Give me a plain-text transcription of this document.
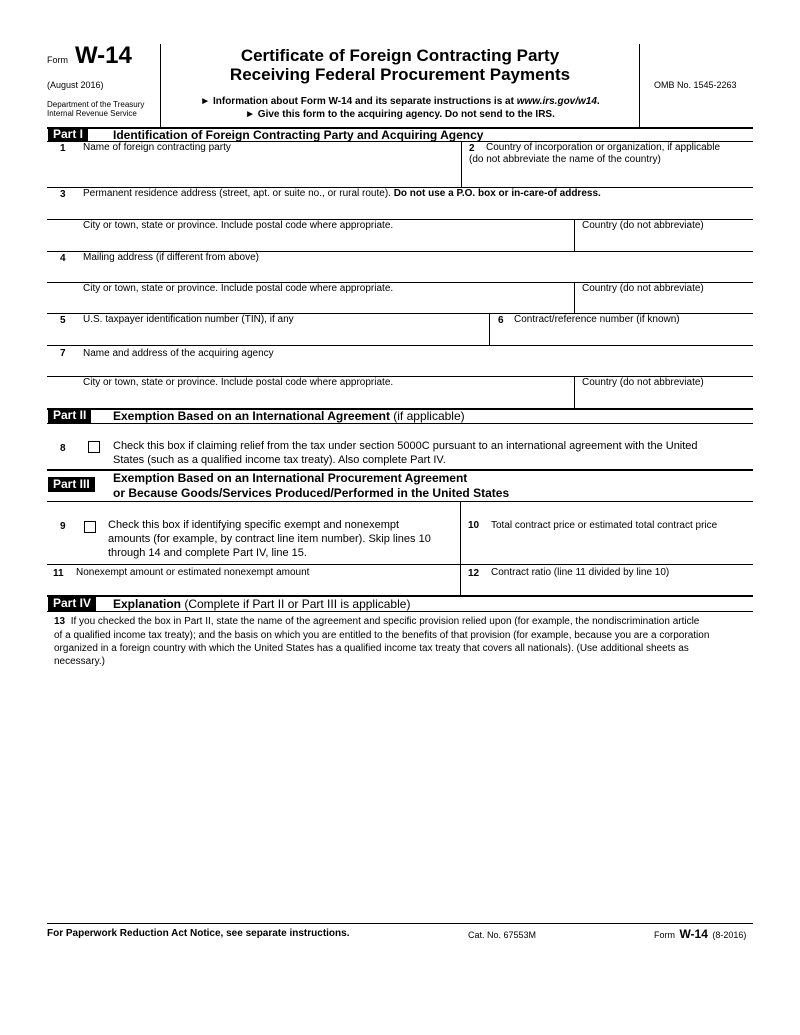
Form W-14
(August 2016)
Department of the Treasury
Internal Revenue Service
Certificate of Foreign Contracting Party
Receiving Federal Procurement Payments
► Information about Form W-14 and its separate instructions is at www.irs.gov/w14.
► Give this form to the acquiring agency. Do not send to the IRS.
OMB No. 1545-2263
Part I	Identification of Foreign Contracting Party and Acquiring Agency
1 Name of foreign contracting party	2 Country of incorporation or organization, if applicable
(do not abbreviate the name of the country)
3 Permanent residence address (street, apt. or suite no., or rural route). Do not use a P.O. box or in-care-of address.
City or town, state or province. Include postal code where appropriate.	Country (do not abbreviate)
4 Mailing address (if different from above)
City or town, state or province. Include postal code where appropriate.	Country (do not abbreviate)
5 U.S. taxpayer identification number (TIN), if any	6 Contract/reference number (if known)
7 Name and address of the acquiring agency
City or town, state or province. Include postal code where appropriate.	Country (do not abbreviate)
Part II	Exemption Based on an International Agreement (if applicable)
8	Check this box if claiming relief from the tax under section 5000C pursuant to an international agreement with the United
States (such as a qualified income tax treaty). Also complete Part IV.
Part III	Exemption Based on an International Procurement Agreement
or Because Goods/Services Produced/Performed in the United States
9	Check this box if identifying specific exempt and nonexempt
amounts (for example, by contract line item number). Skip lines 10
through 14 and complete Part IV, line 15.
10 Total contract price or estimated total contract price
11 Nonexempt amount or estimated nonexempt amount	12 Contract ratio (line 11 divided by line 10)
Part IV	Explanation (Complete if Part II or Part III is applicable)
13 If you checked the box in Part II, state the name of the agreement and specific provision relied upon (for example, the nondiscrimination article
of a qualified income tax treaty); and the basis on which you are entitled to the benefits of that provision (for example, because you are a corporation
organized in a foreign country with which the United States has a qualified income tax treaty that covers all nationals). (Use additional sheets as
necessary.)
For Paperwork Reduction Act Notice, see separate instructions.	Cat. No. 67553M	Form W-14 (8-2016)
